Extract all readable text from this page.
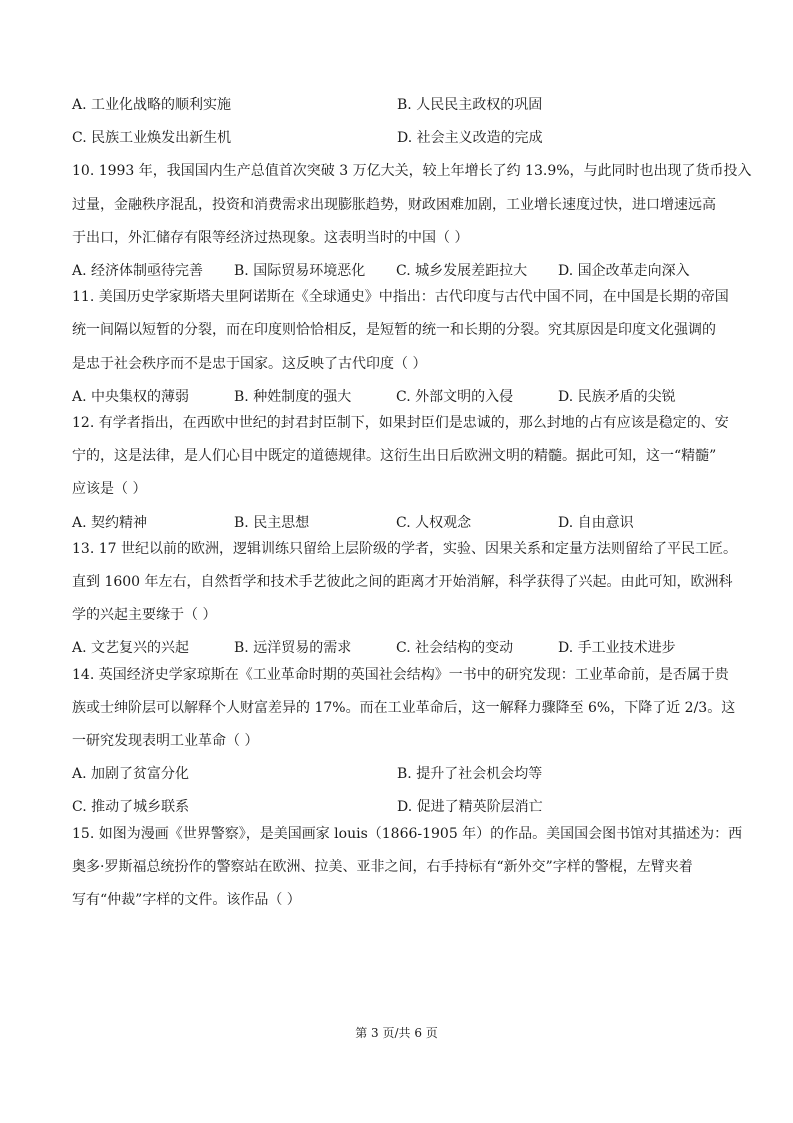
A. 工业化战略的顺利实施	B. 人民民主政权的巩固
C. 民族工业焕发出新生机	D. 社会主义改造的完成
10. 1993 年，我国国内生产总值首次突破 3 万亿大关，较上年增长了约 13.9%，与此同时也出现了货币投入
过量，金融秩序混乱，投资和消费需求出现膨胀趋势，财政困难加剧，工业增长速度过快，进口增速远高
于出口，外汇储存有限等经济过热现象。这表明当时的中国（ ）
A. 经济体制亟待完善	B. 国际贸易环境恶化	C. 城乡发展差距拉大	D. 国企改革走向深入
11. 美国历史学家斯塔夫里阿诺斯在《全球通史》中指出：古代印度与古代中国不同，在中国是长期的帝国
统一间隔以短暂的分裂，而在印度则恰恰相反，是短暂的统一和长期的分裂。究其原因是印度文化强调的
是忠于社会秩序而不是忠于国家。这反映了古代印度（ ）
A. 中央集权的薄弱	B. 种姓制度的强大	C. 外部文明的入侵	D. 民族矛盾的尖锐
12. 有学者指出，在西欧中世纪的封君封臣制下，如果封臣们是忠诚的，那么封地的占有应该是稳定的、安
宁的，这是法律，是人们心目中既定的道德规律。这衍生出日后欧洲文明的精髓。据此可知，这一“精髓”
应该是（ ）
A. 契约精神	B. 民主思想	C. 人权观念	D. 自由意识
13. 17 世纪以前的欧洲，逻辑训练只留给上层阶级的学者，实验、因果关系和定量方法则留给了平民工匠。
直到 1600 年左右，自然哲学和技术手艺彼此之间的距离才开始消解，科学获得了兴起。由此可知，欧洲科
学的兴起主要缘于（ ）
A. 文艺复兴的兴起	B. 远洋贸易的需求	C. 社会结构的变动	D. 手工业技术进步
14. 英国经济史学家琼斯在《工业革命时期的英国社会结构》一书中的研究发现：工业革命前，是否属于贵
族或士绅阶层可以解释个人财富差异的 17%。而在工业革命后，这一解释力骤降至 6%，下降了近 2/3。这
一研究发现表明工业革命（ ）
A. 加剧了贫富分化	B. 提升了社会机会均等
C. 推动了城乡联系	D. 促进了精英阶层消亡
15. 如图为漫画《世界警察》，是美国画家 louis（1866-1905 年）的作品。美国国会图书馆对其描述为：西
奥多·罗斯福总统扮作的警察站在欧洲、拉美、亚非之间，右手持标有“新外交”字样的警棍，左臂夹着
写有“仲裁”字样的文件。该作品（ ）
第 3 页/共 6 页
